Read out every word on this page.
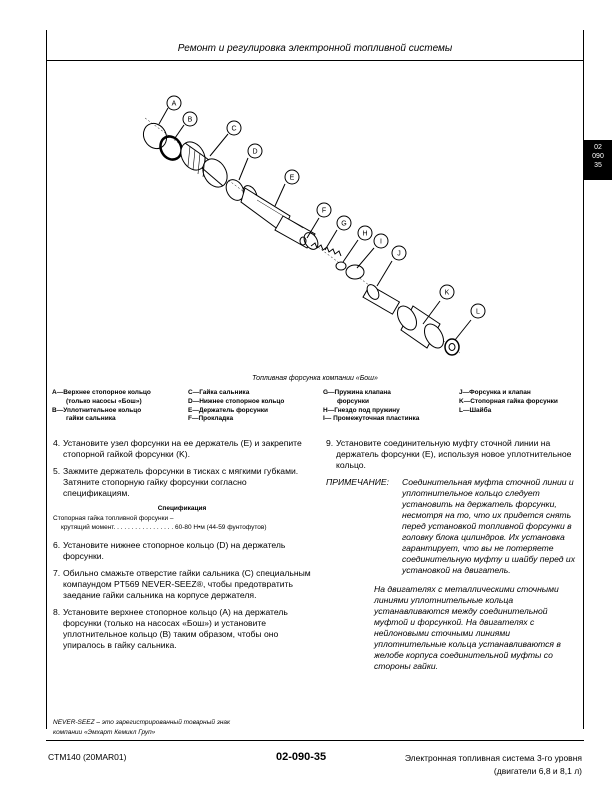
Ремонт и регулировка электронной топливной системы
02
090
35
A
B
C
D
E
F
G
H
I
J
K
L
Топливная форсунка компании «Бош»
A—Верхнее стопорное кольцо
(только насосы «Бош»)
B—Уплотнительное кольцо
гайки сальника
C—Гайка сальника
D—Нижнее стопорное кольцо
E—Держатель форсунки
F—Прокладка
G—Пружина клапана
форсунки
H—Гнездо под пружину
I— Промежуточная пластинка
J—Форсунка и клапан
K—Стопорная гайка форсунки
L—Шайба
4. Установите узел форсунки на ее держатель (E) и закрепите стопорной гайкой форсунки (K).
5. Зажмите держатель форсунки в тисках с мягкими губками. Затяните стопорную гайку форсунки согласно спецификациям.
Спецификация
Стопорная гайка топливной форсунки –
крутящий момент. . . . . . . . . . . . . . . . . 60-80 Н•м (44-59 фунтофутов)
6. Установите нижнее стопорное кольцо (D) на держатель форсунки.
7. Обильно смажьте отверстие гайки сальника (C) специальным компаундом PT569 NEVER-SEEZ®, чтобы предотвратить заедание гайки сальника на корпусе держателя.
8. Установите верхнее стопорное кольцо (A) на держатель форсунки (только на насосах «Бош») и установите уплотнительное кольцо (B) таким образом, чтобы оно упиралось в гайку сальника.
9. Установите соединительную муфту сточной линии на держатель форсунки (E), используя новое уплотнительное кольцо.
ПРИМЕЧАНИЕ:	Соединительная муфта сточной линии и уплотнительное кольцо следует установить на держатель форсунки, несмотря на то, что их придется снять перед установкой топливной форсунки в головку блока цилиндров. Их установка гарантирует, что вы не потеряете соединительную муфту и шайбу перед их установкой на двигатель.
На двигателях с металлическими сточными линиями уплотнительные кольца устанавливаются между соединительной муфтой и форсункой. На двигателях с нейлоновыми сточными линиями уплотнительные кольца устанавливаются в желобе корпуса соединительной муфты со стороны гайки.
NEVER-SEEZ – это зарегистрированный товарный знак
компании «Эмхарт Кемикл Груп»
CTM140 (20MAR01)	02-090-35	Электронная топливная система 3-го уровня
(двигатели 6,8 и 8,1 л)
